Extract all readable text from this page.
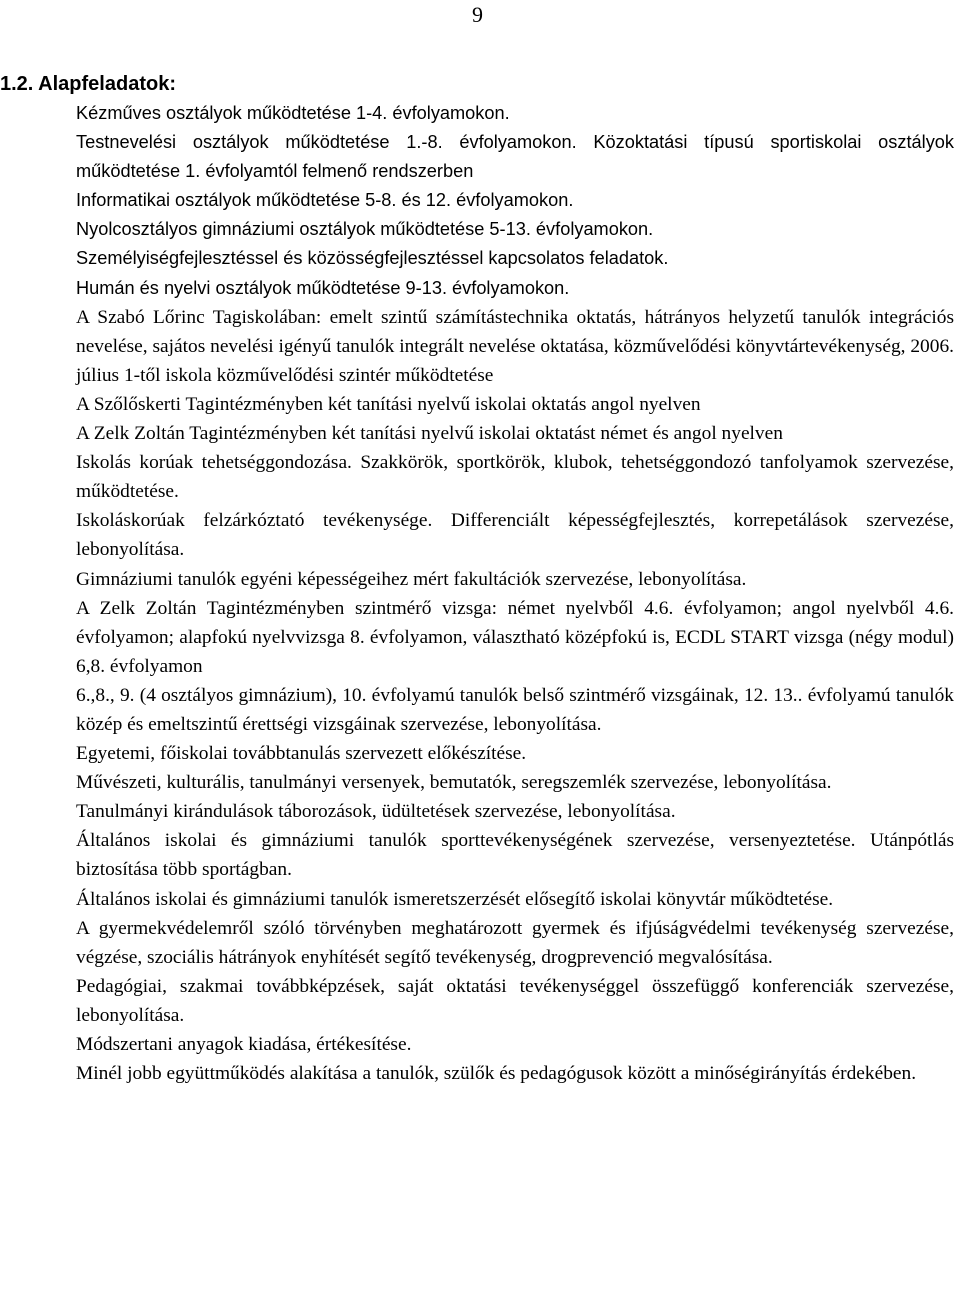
9
1.2. Alapfeladatok:

Kézműves osztályok működtetése 1-4. évfolyamokon.

Testnevelési osztályok működtetése 1.-8. évfolyamokon. Közoktatási típusú sportiskolai osztályok működtetése 1. évfolyamtól felmenő rendszerben

Informatikai osztályok működtetése 5-8. és 12. évfolyamokon.

Nyolcosztályos gimnáziumi osztályok működtetése 5-13. évfolyamokon.

Személyiségfejlesztéssel és közösségfejlesztéssel kapcsolatos feladatok.

Humán és nyelvi osztályok működtetése 9-13. évfolyamokon.

A Szabó Lőrinc Tagiskolában: emelt szintű számítástechnika oktatás, hátrányos helyzetű tanulók integrációs nevelése, sajátos nevelési igényű tanulók integrált nevelése oktatása, közművelődési könyvtártevékenység, 2006. július 1-től iskola közművelődési szintér működtetése

A Szőlőskerti Tagintézményben két tanítási nyelvű iskolai oktatás angol nyelven

A Zelk Zoltán Tagintézményben két tanítási nyelvű iskolai oktatást német és angol nyelven

Iskolás korúak tehetséggondozása. Szakkörök, sportkörök, klubok, tehetséggondozó tanfolyamok szervezése, működtetése.

Iskoláskorúak felzárkóztató tevékenysége. Differenciált képességfejlesztés, korrepetálások szervezése, lebonyolítása.

Gimnáziumi tanulók egyéni képességeihez mért fakultációk szervezése, lebonyolítása.

A Zelk Zoltán Tagintézményben szintmérő vizsga: német nyelvből 4.6. évfolyamon; angol nyelvből 4.6. évfolyamon; alapfokú nyelvvizsga 8. évfolyamon, választható középfokú is, ECDL START vizsga (négy modul) 6,8. évfolyamon

6.,8., 9. (4 osztályos gimnázium), 10. évfolyamú tanulók belső szintmérő vizsgáinak, 12. 13.. évfolyamú tanulók közép és emeltszintű érettségi vizsgáinak szervezése, lebonyolítása.

Egyetemi, főiskolai továbbtanulás szervezett előkészítése.

Művészeti, kulturális, tanulmányi versenyek, bemutatók, seregszemlék szervezése, lebonyolítása.

Tanulmányi kirándulások táborozások, üdültetések szervezése, lebonyolítása.

Általános iskolai és gimnáziumi tanulók sporttevékenységének szervezése, versenyeztetése. Utánpótlás biztosítása több sportágban.

Általános iskolai és gimnáziumi tanulók ismeretszerzését elősegítő iskolai könyvtár működtetése.

A gyermekvédelemről szóló törvényben meghatározott gyermek és ifjúságvédelmi tevékenység szervezése, végzése, szociális hátrányok enyhítését segítő tevékenység, drogprevenció megvalósítása.

Pedagógiai, szakmai továbbképzések, saját oktatási tevékenységgel összefüggő konferenciák szervezése, lebonyolítása.

Módszertani anyagok kiadása, értékesítése.

Minél jobb együttműködés alakítása a tanulók, szülők és pedagógusok között a minőségirányítás érdekében.
